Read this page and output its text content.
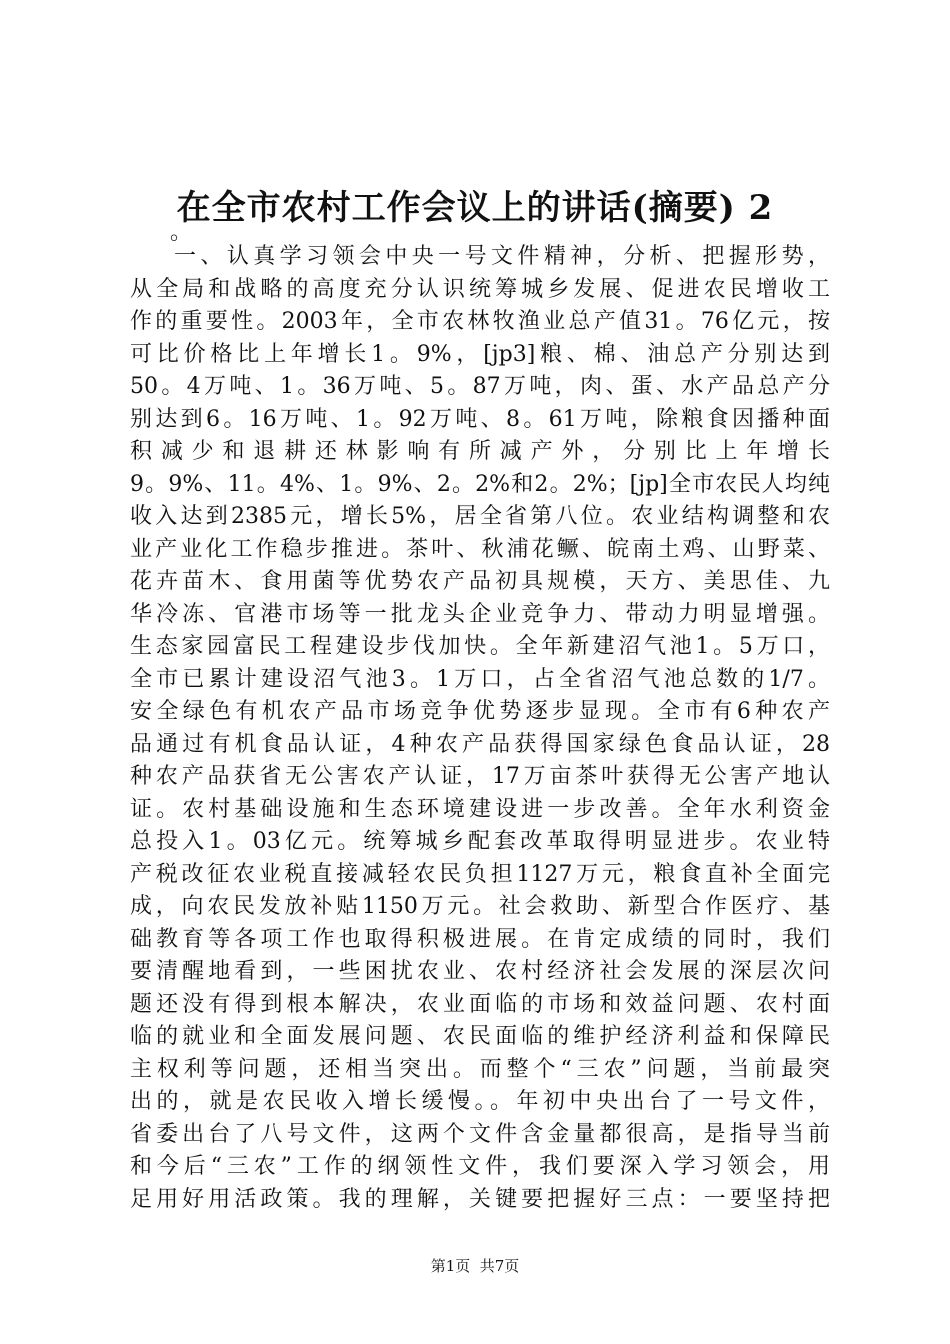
在全市农村工作会议上的讲话(摘要) 2
。
一、认真学习领会中央一号文件精神，分析、把握形势，
从全局和战略的高度充分认识统筹城乡发展、促进农民增收工
作的重要性。2003年，全市农林牧渔业总产值31。76亿元，按
可比价格比上年增长1。9%，[jp3]粮、棉、油总产分别达到
50。4万吨、1。36万吨、5。87万吨，肉、蛋、水产品总产分
别达到6。16万吨、1。92万吨、8。61万吨，除粮食因播种面
积减少和退耕还林影响有所减产外，分别比上年增长
9。9%、11。4%、1。9%、2。2%和2。2%；[jp]全市农民人均纯
收入达到2385元，增长5%，居全省第八位。农业结构调整和农
业产业化工作稳步推进。茶叶、秋浦花鳜、皖南土鸡、山野菜、
花卉苗木、食用菌等优势农产品初具规模，天方、美思佳、九
华冷冻、官港市场等一批龙头企业竞争力、带动力明显增强。
生态家园富民工程建设步伐加快。全年新建沼气池1。5万口，
全市已累计建设沼气池3。1万口，占全省沼气池总数的1/7。
安全绿色有机农产品市场竞争优势逐步显现。全市有6种农产
品通过有机食品认证，4种农产品获得国家绿色食品认证，28
种农产品获省无公害农产认证，17万亩茶叶获得无公害产地认
证。农村基础设施和生态环境建设进一步改善。全年水利资金
总投入1。03亿元。统筹城乡配套改革取得明显进步。农业特
产税改征农业税直接减轻农民负担1127万元，粮食直补全面完
成，向农民发放补贴1150万元。社会救助、新型合作医疗、基
础教育等各项工作也取得积极进展。在肯定成绩的同时，我们
要清醒地看到，一些困扰农业、农村经济社会发展的深层次问
题还没有得到根本解决，农业面临的市场和效益问题、农村面
临的就业和全面发展问题、农民面临的维护经济利益和保障民
主权利等问题，还相当突出。而整个“三农”问题，当前最突
出的，就是农民收入增长缓慢。。年初中央出台了一号文件，
省委出台了八号文件，这两个文件含金量都很高，是指导当前
和今后“三农”工作的纲领性文件，我们要深入学习领会，用
足用好用活政策。我的理解，关键要把握好三点：一要坚持把
第1页  共7页
